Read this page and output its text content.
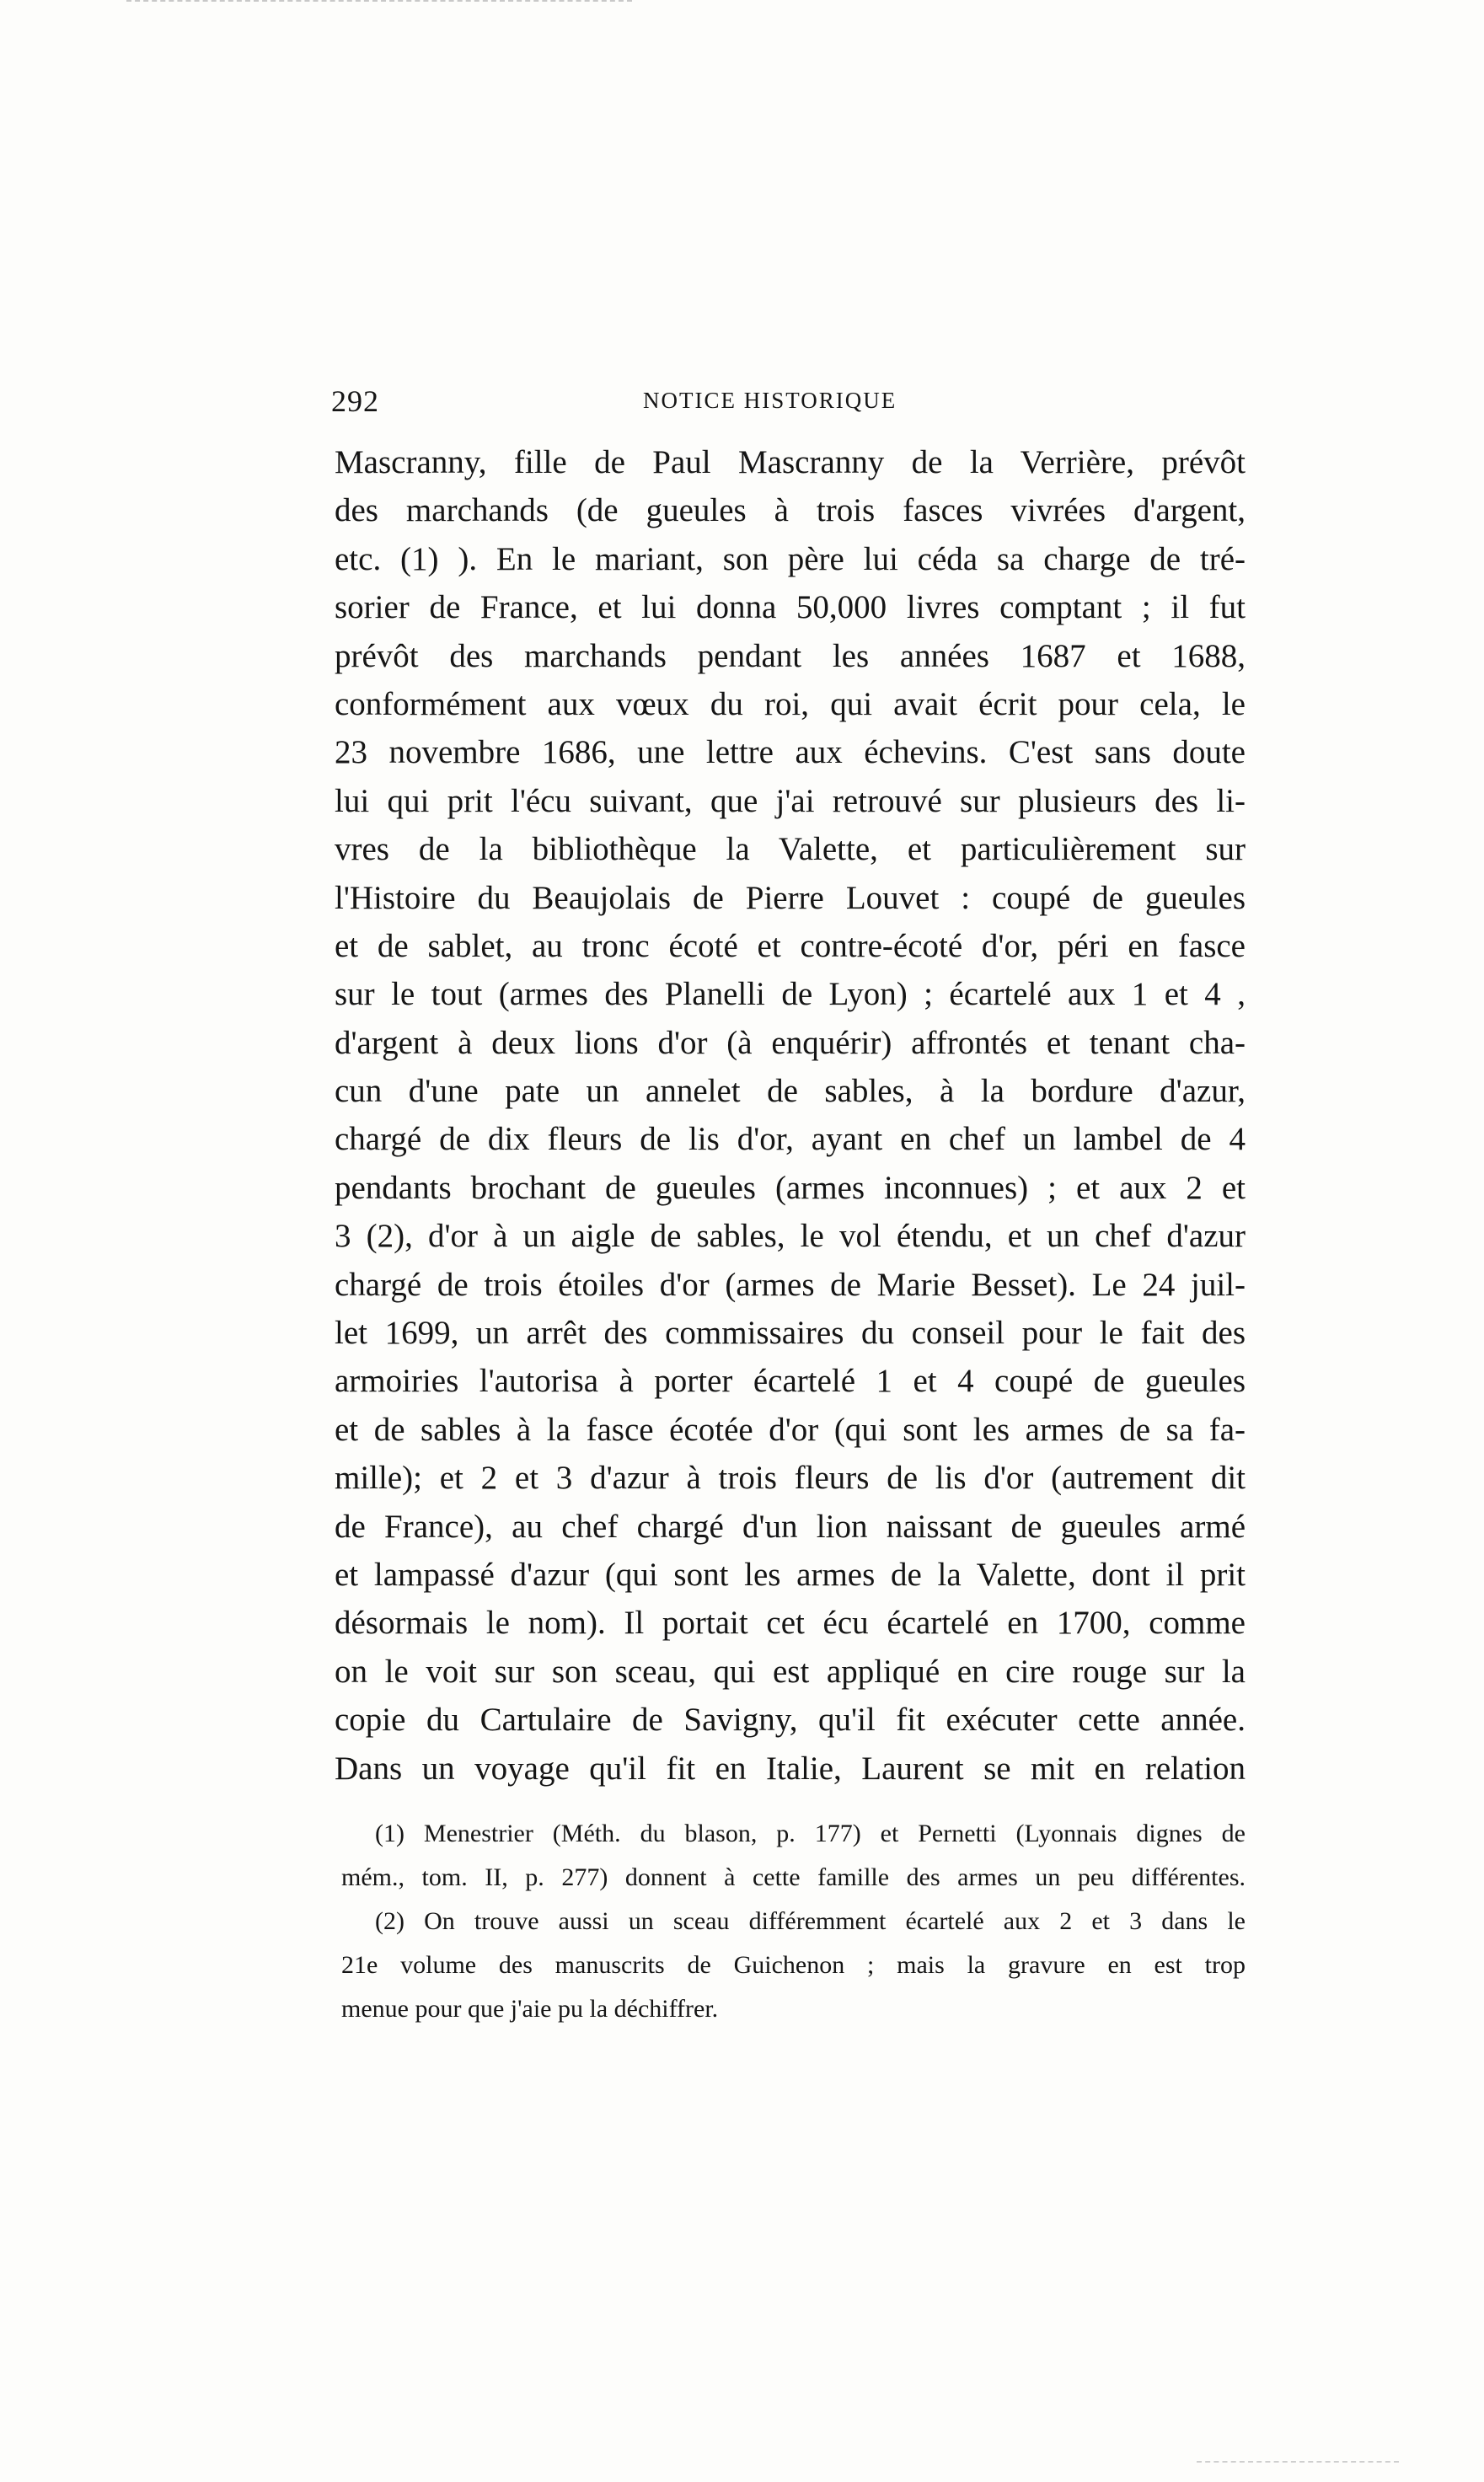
292	NOTICE HISTORIQUE
Mascranny, fille de Paul Mascranny de la Verrière, prévôt
des marchands (de gueules à trois fasces vivrées d'argent,
etc. (1) ). En le mariant, son père lui céda sa charge de tré-
sorier de France, et lui donna 50,000 livres comptant ; il fut
prévôt des marchands pendant les années 1687 et 1688,
conformément aux vœux du roi, qui avait écrit pour cela, le
23 novembre 1686, une lettre aux échevins. C'est sans doute
lui qui prit l'écu suivant, que j'ai retrouvé sur plusieurs des li-
vres de la bibliothèque la Valette, et particulièrement sur
l'Histoire du Beaujolais de Pierre Louvet : coupé de gueules
et de sablet, au tronc écoté et contre-écoté d'or, péri en fasce
sur le tout (armes des Planelli de Lyon) ; écartelé aux 1 et 4 ,
d'argent à deux lions d'or (à enquérir) affrontés et tenant cha-
cun d'une pate un annelet de sables, à la bordure d'azur,
chargé de dix fleurs de lis d'or, ayant en chef un lambel de 4
pendants brochant de gueules (armes inconnues) ; et aux 2 et
3 (2), d'or à un aigle de sables, le vol étendu, et un chef d'azur
chargé de trois étoiles d'or (armes de Marie Besset). Le 24 juil-
let 1699, un arrêt des commissaires du conseil pour le fait des
armoiries l'autorisa à porter écartelé 1 et 4 coupé de gueules
et de sables à la fasce écotée d'or (qui sont les armes de sa fa-
mille); et 2 et 3 d'azur à trois fleurs de lis d'or (autrement dit
de France), au chef chargé d'un lion naissant de gueules armé
et lampassé d'azur (qui sont les armes de la Valette, dont il prit
désormais le nom). Il portait cet écu écartelé en 1700, comme
on le voit sur son sceau, qui est appliqué en cire rouge sur la
copie du Cartulaire de Savigny, qu'il fit exécuter cette année.
Dans un voyage qu'il fit en Italie, Laurent se mit en relation
(1) Menestrier (Méth. du blason, p. 177) et Pernetti (Lyonnais dignes de
mém., tom. II, p. 277) donnent à cette famille des armes un peu différentes.
(2) On trouve aussi un sceau différemment écartelé aux 2 et 3 dans le
21e volume des manuscrits de Guichenon ; mais la gravure en est trop
menue pour que j'aie pu la déchiffrer.
